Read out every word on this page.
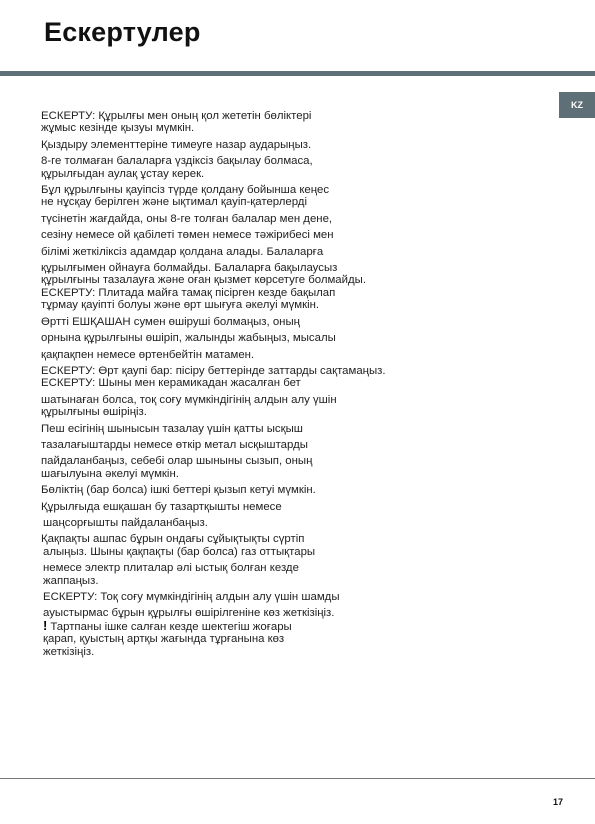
Ескертулер
KZ
ЕСКЕРТУ: Құрылғы мен оның қол жететін бөліктері
жұмыс кезінде қызуы мүмкін.
Қыздыру элементтеріне тимеуге назар аударыңыз.
8-ге толмаған балаларға үздіксіз бақылау болмаса,
құрылғыдан аулақ ұстау керек.
Бұл құрылғыны қауіпсіз түрде қолдану бойынша кеңес
не нұсқау берілген және ықтимал қауіп-қатерлерді
түсінетін жағдайда, оны 8-ге толған балалар мен дене,
сезіну немесе ой қабілеті төмен немесе тәжірибесі мен
білімі жеткіліксіз адамдар қолдана алады. Балаларға
құрылғымен ойнауға болмайды. Балаларға бақылаусыз
құрылғыны тазалауға және оған қызмет көрсетуге болмайды.
ЕСКЕРТУ: Плитада майға тамақ пісірген кезде бақылап
тұрмау қауіпті болуы және өрт шығуға әкелуі мүмкін.
Өртті ЕШҚАШАН сумен өшіруші болмаңыз, оның
орнына құрылғыны өшіріп, жалынды жабыңыз, мысалы
қақпақпен немесе өртенбейтін матамен.
ЕСКЕРТУ: Өрт қаупі бар: пісіру беттерінде заттарды сақтамаңыз.
ЕСКЕРТУ: Шыны мен керамикадан жасалған бет
шатынаған болса, тоқ соғу мүмкіндігінің алдын алу үшін
құрылғыны өшіріңіз.
Пеш есігінің шынысын тазалау үшін қатты ысқыш
тазалағыштарды немесе өткір метал ысқыштарды
пайдаланбаңыз, себебі олар шыныны сызып, оның
шағылуына әкелуі мүмкін.
Бөліктің (бар болса) ішкі беттері қызып кетуі мүмкін.
Құрылғыда ешқашан бу тазартқышты немесе
шаңсорғышты пайдаланбаңыз.
Қақпақты ашпас бұрын ондағы сұйықтықты сүртіп
алыңыз. Шыны қақпақты (бар болса) газ оттықтары
немесе электр плиталар әлі ыстық болған кезде
жаппаңыз.
ЕСКЕРТУ: Тоқ соғу мүмкіндігінің алдын алу үшін шамды
ауыстырмас бұрын құрылғы өшірілгеніне көз жеткізіңіз.
! Тартпаны ішке салған кезде шектегіш жоғары
қарап, қуыстың артқы жағында тұрғанына көз
жеткізіңіз.
17
